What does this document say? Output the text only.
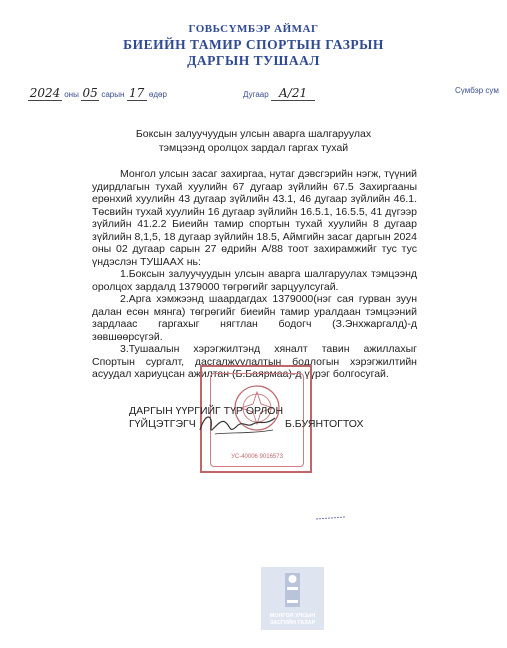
ГОВЬСҮМБЭР АЙМАГ
БИЕИЙН ТАМИР СПОРТЫН ГАЗРЫН
ДАРГЫН ТУШААЛ
2024 оны 05 сарын 17 өдөр	Дугаар А/21	Сүмбэр сум
Боксын залуучуудын улсын аварга шалгаруулах
тэмцээнд оролцох зардал гаргах тухай

Монгол улсын засаг захиргаа, нутаг дэвсгэрийн нэгж, түүний удирдлагын тухай хуулийн 67 дугаар зүйлийн 67.5 Захиргааны ерөнхий хуулийн 43 дугаар зүйлийн 43.1, 46 дугаар зүйлийн 46.1. Төсвийн тухай хуулийн 16 дугаар зүйлийн 16.5.1, 16.5.5, 41 дүгээр зүйлийн 41.2.2 Биеийн тамир спортын тухай хуулийн 8 дугаар зүйлийн 8,1,5, 18 дугаар зүйлийн 18.5, Аймгийн засаг даргын 2024 оны 02 дугаар сарын 27 өдрийн А/88 тоот захирамжийг тус тус үндэслэн ТУШААХ нь:

1.Боксын залуучуудын улсын аварга шалгаруулах тэмцээнд оролцох зардалд 1379000 төгрөгийг зарцуулсугай.

2.Арга хэмжээнд шаардагдах 1379000(нэг сая гурван зуун далан есөн мянга) төгрөгийг биеийн тамир уралдаан тэмцээний зардлаас гаргахыг нягтлан бодогч (З.Энхжаргалд)-д зөвшөөрсүгэй.

3.Тушаалын хэрэгжилтэнд хяналт тавин ажиллахыг Спортын сургалт, дасгалжуулалтын бодлогын хэрэгжилтийн асуудал хариуцсан ажилтан (Б.Баярмаа)-д үүрэг болгосугай.

УС-40006 9016573
ДАРГЫН ҮҮРГИЙГ ТҮР ОРЛОН
ГҮЙЦЭТГЭГЧ	Б.БУЯНТОГТОХ
МОНГОЛ УЛСЫН
ЗАСГИЙН ГАЗАР
